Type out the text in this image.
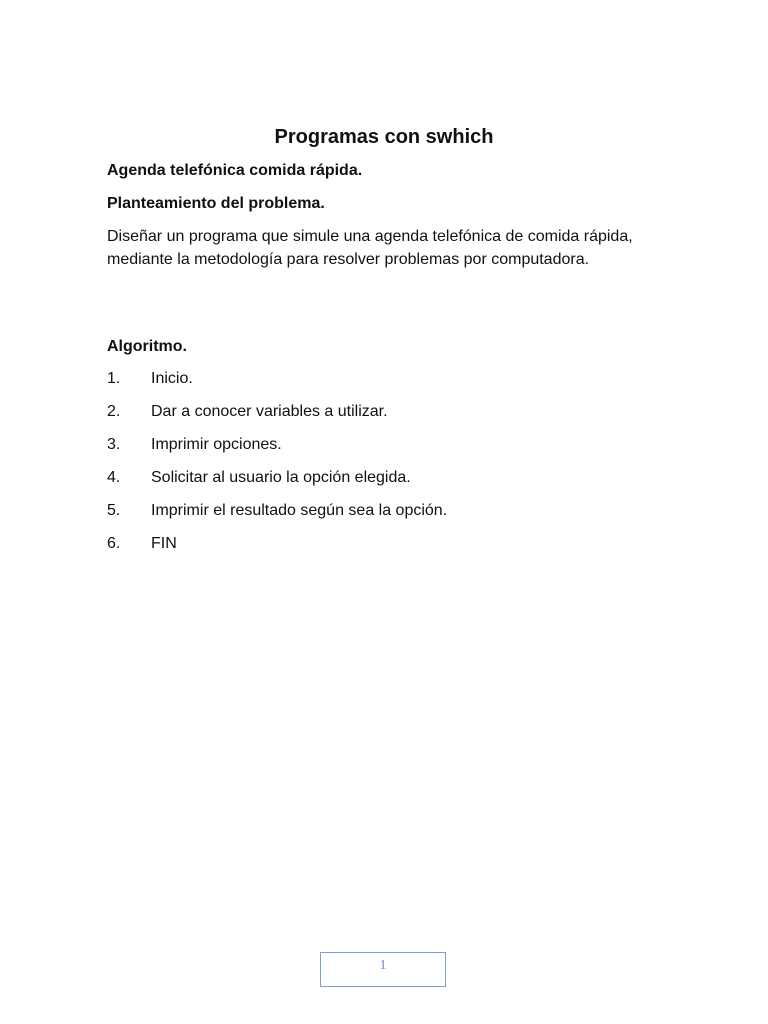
Programas con swhich
Agenda telefónica comida rápida.
Planteamiento del problema.
Diseñar un programa que simule una agenda telefónica de comida rápida, mediante la metodología para resolver problemas por computadora.
Algoritmo.
1.	Inicio.
2.	Dar a conocer variables a utilizar.
3.	Imprimir opciones.
4.	Solicitar al usuario la opción elegida.
5.	Imprimir el resultado según sea la opción.
6.	FIN
1
